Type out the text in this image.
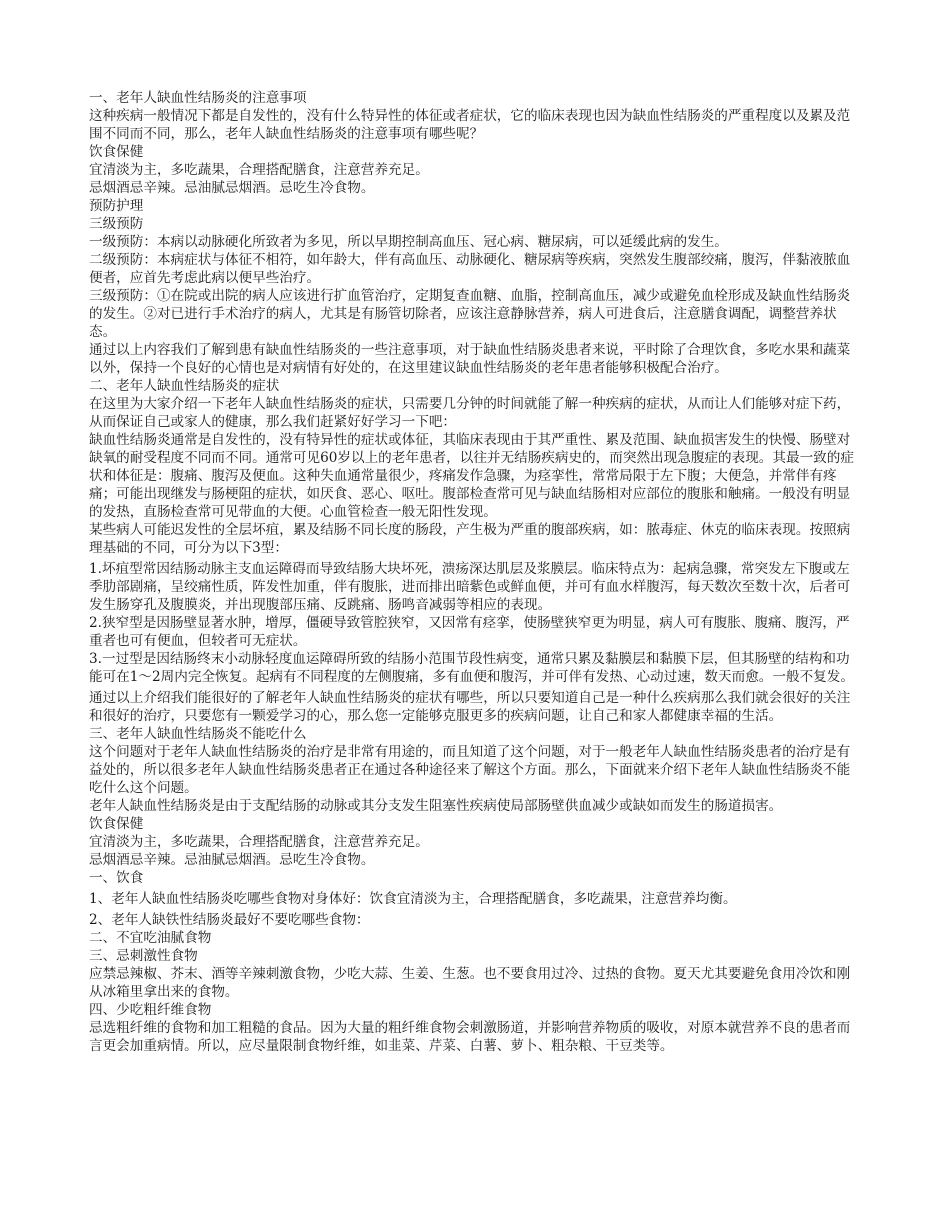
一、老年人缺血性结肠炎的注意事项

这种疾病一般情况下都是自发性的，没有什么特异性的体征或者症状，它的临床表现也因为缺血性结肠炎的严重程度以及累及范围不同而不同，那么，老年人缺血性结肠炎的注意事项有哪些呢？

饮食保健

宜清淡为主，多吃蔬果，合理搭配膳食，注意营养充足。

忌烟酒忌辛辣。忌油腻忌烟酒。忌吃生冷食物。

预防护理

三级预防

一级预防：本病以动脉硬化所致者为多见，所以早期控制高血压、冠心病、糖尿病，可以延缓此病的发生。

二级预防：本病症状与体征不相符，如年龄大，伴有高血压、动脉硬化、糖尿病等疾病，突然发生腹部绞痛，腹泻，伴黏液脓血便者，应首先考虑此病以便早些治疗。

三级预防：①在院或出院的病人应该进行扩血管治疗，定期复查血糖、血脂，控制高血压，减少或避免血栓形成及缺血性结肠炎的发生。②对已进行手术治疗的病人，尤其是有肠管切除者，应该注意静脉营养，病人可进食后，注意膳食调配，调整营养状态。

通过以上内容我们了解到患有缺血性结肠炎的一些注意事项，对于缺血性结肠炎患者来说，平时除了合理饮食，多吃水果和蔬菜以外，保持一个良好的心情也是对病情有好处的，在这里建议缺血性结肠炎的老年患者能够积极配合治疗。

二、老年人缺血性结肠炎的症状

在这里为大家介绍一下老年人缺血性结肠炎的症状，只需要几分钟的时间就能了解一种疾病的症状，从而让人们能够对症下药，从而保证自己或家人的健康，那么我们赶紧好好学习一下吧：

缺血性结肠炎通常是自发性的，没有特异性的症状或体征，其临床表现由于其严重性、累及范围、缺血损害发生的快慢、肠壁对缺氧的耐受程度不同而不同。通常可见60岁以上的老年患者，以往并无结肠疾病史的，而突然出现急腹症的表现。其最一致的症状和体征是：腹痛、腹泻及便血。这种失血通常量很少，疼痛发作急骤，为痉挛性，常常局限于左下腹；大便急，并常伴有疼痛；可能出现继发与肠梗阻的症状，如厌食、恶心、呕吐。腹部检查常可见与缺血结肠相对应部位的腹胀和触痛。一般没有明显的发热，直肠检查常可见带血的大便。心血管检查一般无阳性发现。

某些病人可能迟发性的全层坏疽，累及结肠不同长度的肠段，产生极为严重的腹部疾病，如：脓毒症、休克的临床表现。按照病理基础的不同，可分为以下3型：

1.坏疽型常因结肠动脉主支血运障碍而导致结肠大块坏死，溃疡深达肌层及浆膜层。临床特点为：起病急骤，常突发左下腹或左季肋部剧痛，呈绞痛性质，阵发性加重，伴有腹胀，进而排出暗紫色或鲜血便，并可有血水样腹泻，每天数次至数十次，后者可发生肠穿孔及腹膜炎，并出现腹部压痛、反跳痛、肠鸣音减弱等相应的表现。

2.狭窄型是因肠壁显著水肿，增厚，僵硬导致管腔狭窄，又因常有痉挛，使肠壁狭窄更为明显，病人可有腹胀、腹痛、腹泻，严重者也可有便血，但较者可无症状。

3.一过型是因结肠终末小动脉轻度血运障碍所致的结肠小范围节段性病变，通常只累及黏膜层和黏膜下层，但其肠壁的结构和功能可在1～2周内完全恢复。起病有不同程度的左侧腹痛，多有血便和腹泻，并可伴有发热、心动过速，数天而愈。一般不复发。

通过以上介绍我们能很好的了解老年人缺血性结肠炎的症状有哪些，所以只要知道自己是一种什么疾病那么我们就会很好的关注和很好的治疗，只要您有一颗爱学习的心，那么您一定能够克服更多的疾病问题，让自己和家人都健康幸福的生活。

三、老年人缺血性结肠炎不能吃什么

这个问题对于老年人缺血性结肠炎的治疗是非常有用途的，而且知道了这个问题，对于一般老年人缺血性结肠炎患者的治疗是有益处的，所以很多老年人缺血性结肠炎患者正在通过各种途径来了解这个方面。那么，下面就来介绍下老年人缺血性结肠炎不能吃什么这个问题。

老年人缺血性结肠炎是由于支配结肠的动脉或其分支发生阻塞性疾病使局部肠壁供血减少或缺如而发生的肠道损害。

饮食保健

宜清淡为主，多吃蔬果，合理搭配膳食，注意营养充足。

忌烟酒忌辛辣。忌油腻忌烟酒。忌吃生冷食物。

一、饮食

1、老年人缺血性结肠炎吃哪些食物对身体好：饮食宜清淡为主，合理搭配膳食，多吃蔬果，注意营养均衡。

2、老年人缺铁性结肠炎最好不要吃哪些食物：

二、不宜吃油腻食物

三、忌刺激性食物

应禁忌辣椒、芥末、酒等辛辣刺激食物，少吃大蒜、生姜、生葱。也不要食用过冷、过热的食物。夏天尤其要避免食用冷饮和刚从冰箱里拿出来的食物。

四、少吃粗纤维食物

忌选粗纤维的食物和加工粗糙的食品。因为大量的粗纤维食物会刺激肠道，并影响营养物质的吸收，对原本就营养不良的患者而言更会加重病情。所以，应尽量限制食物纤维，如韭菜、芹菜、白薯、萝卜、粗杂粮、干豆类等。
